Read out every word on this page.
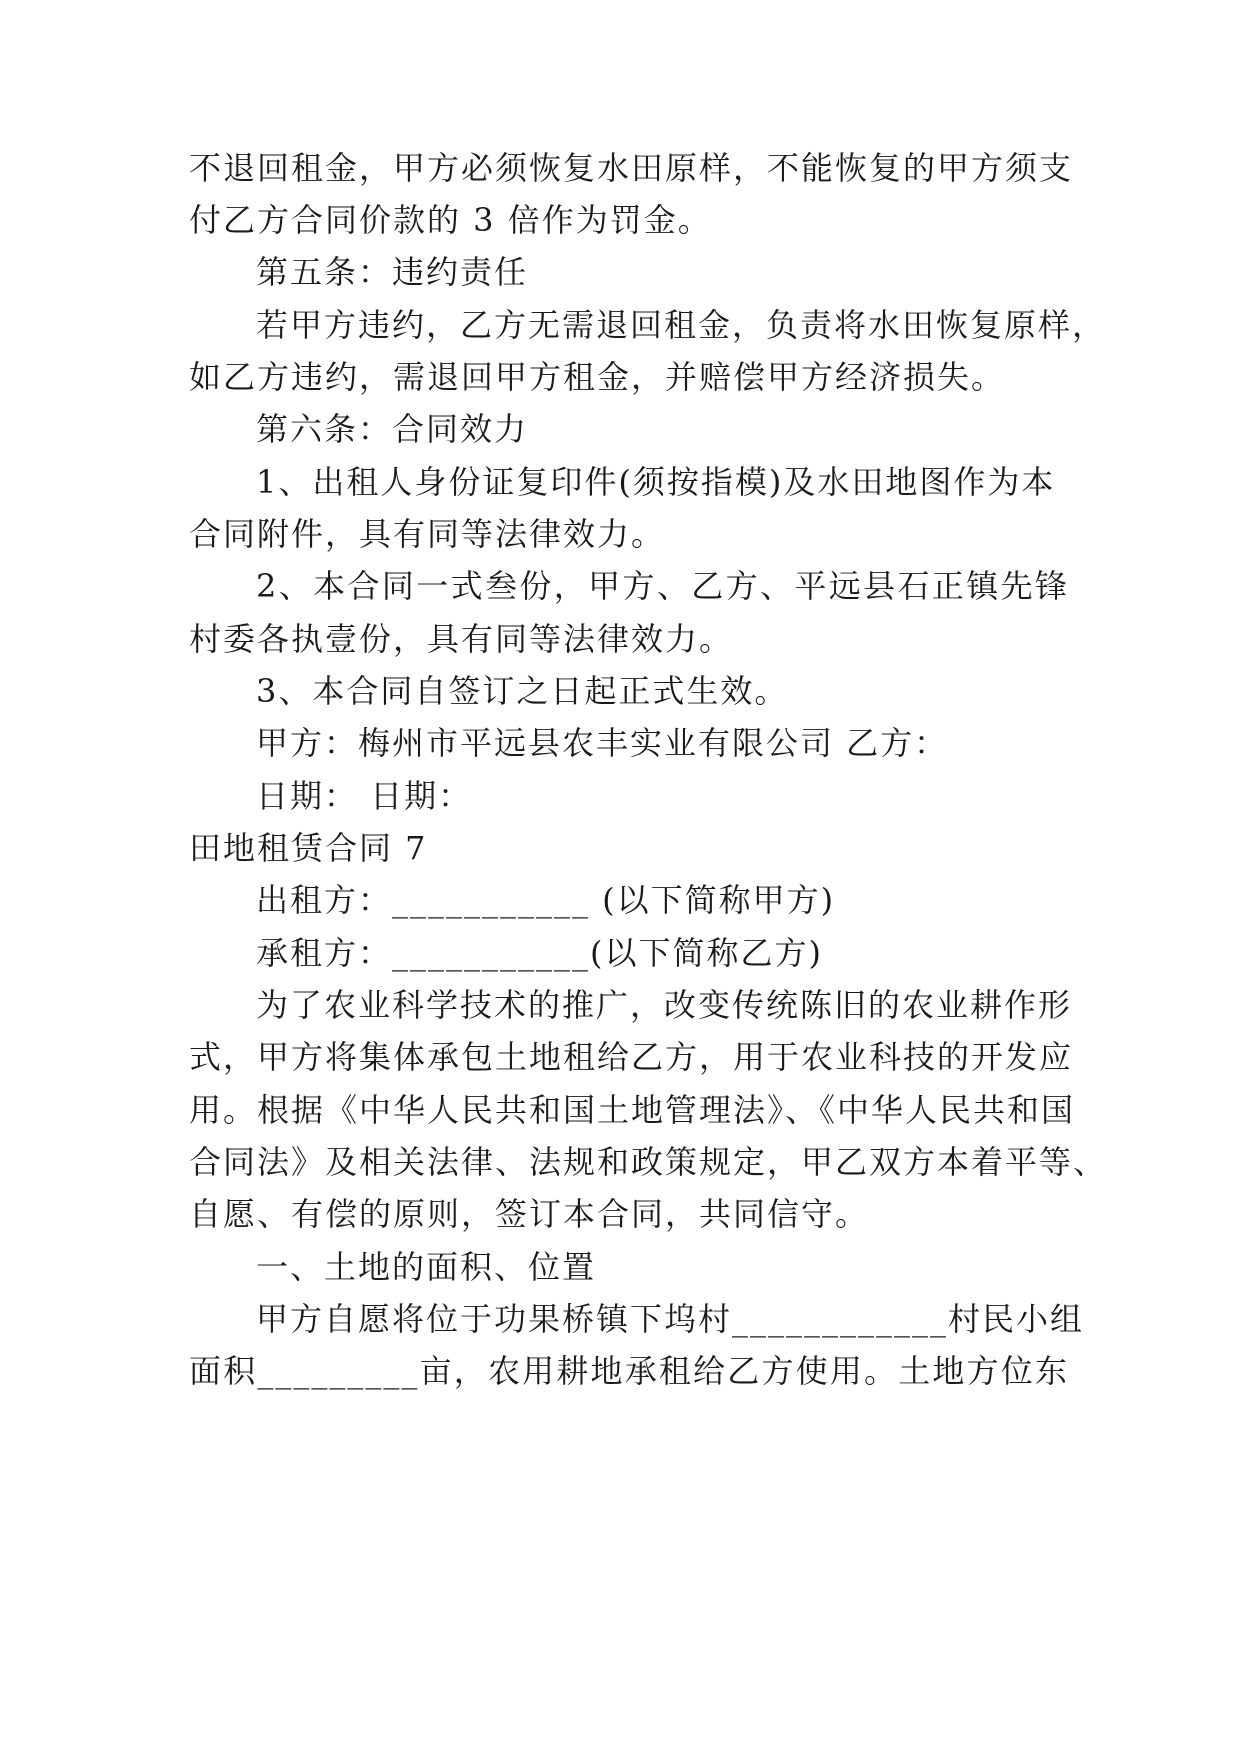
不退回租金，甲方必须恢复水田原样，不能恢复的甲方须支
付乙方合同价款的 3 倍作为罚金。
第五条：违约责任
若甲方违约，乙方无需退回租金，负责将水田恢复原样，
如乙方违约，需退回甲方租金，并赔偿甲方经济损失。
第六条：合同效力
1、出租人身份证复印件(须按指模)及水田地图作为本
合同附件，具有同等法律效力。
2、本合同一式叁份，甲方、乙方、平远县石正镇先锋
村委各执壹份，具有同等法律效力。
3、本合同自签订之日起正式生效。
甲方：梅州市平远县农丰实业有限公司 乙方：
日期： 日期：
田地租赁合同 7
出租方：___________ (以下简称甲方)
承租方：___________(以下简称乙方)
为了农业科学技术的推广，改变传统陈旧的农业耕作形
式，甲方将集体承包土地租给乙方，用于农业科技的开发应
用。根据《中华人民共和国土地管理法》、《中华人民共和国
合同法》及相关法律、法规和政策规定，甲乙双方本着平等、
自愿、有偿的原则，签订本合同，共同信守。
一、土地的面积、位置
甲方自愿将位于功果桥镇下坞村____________村民小组
面积_________亩，农用耕地承租给乙方使用。土地方位东
